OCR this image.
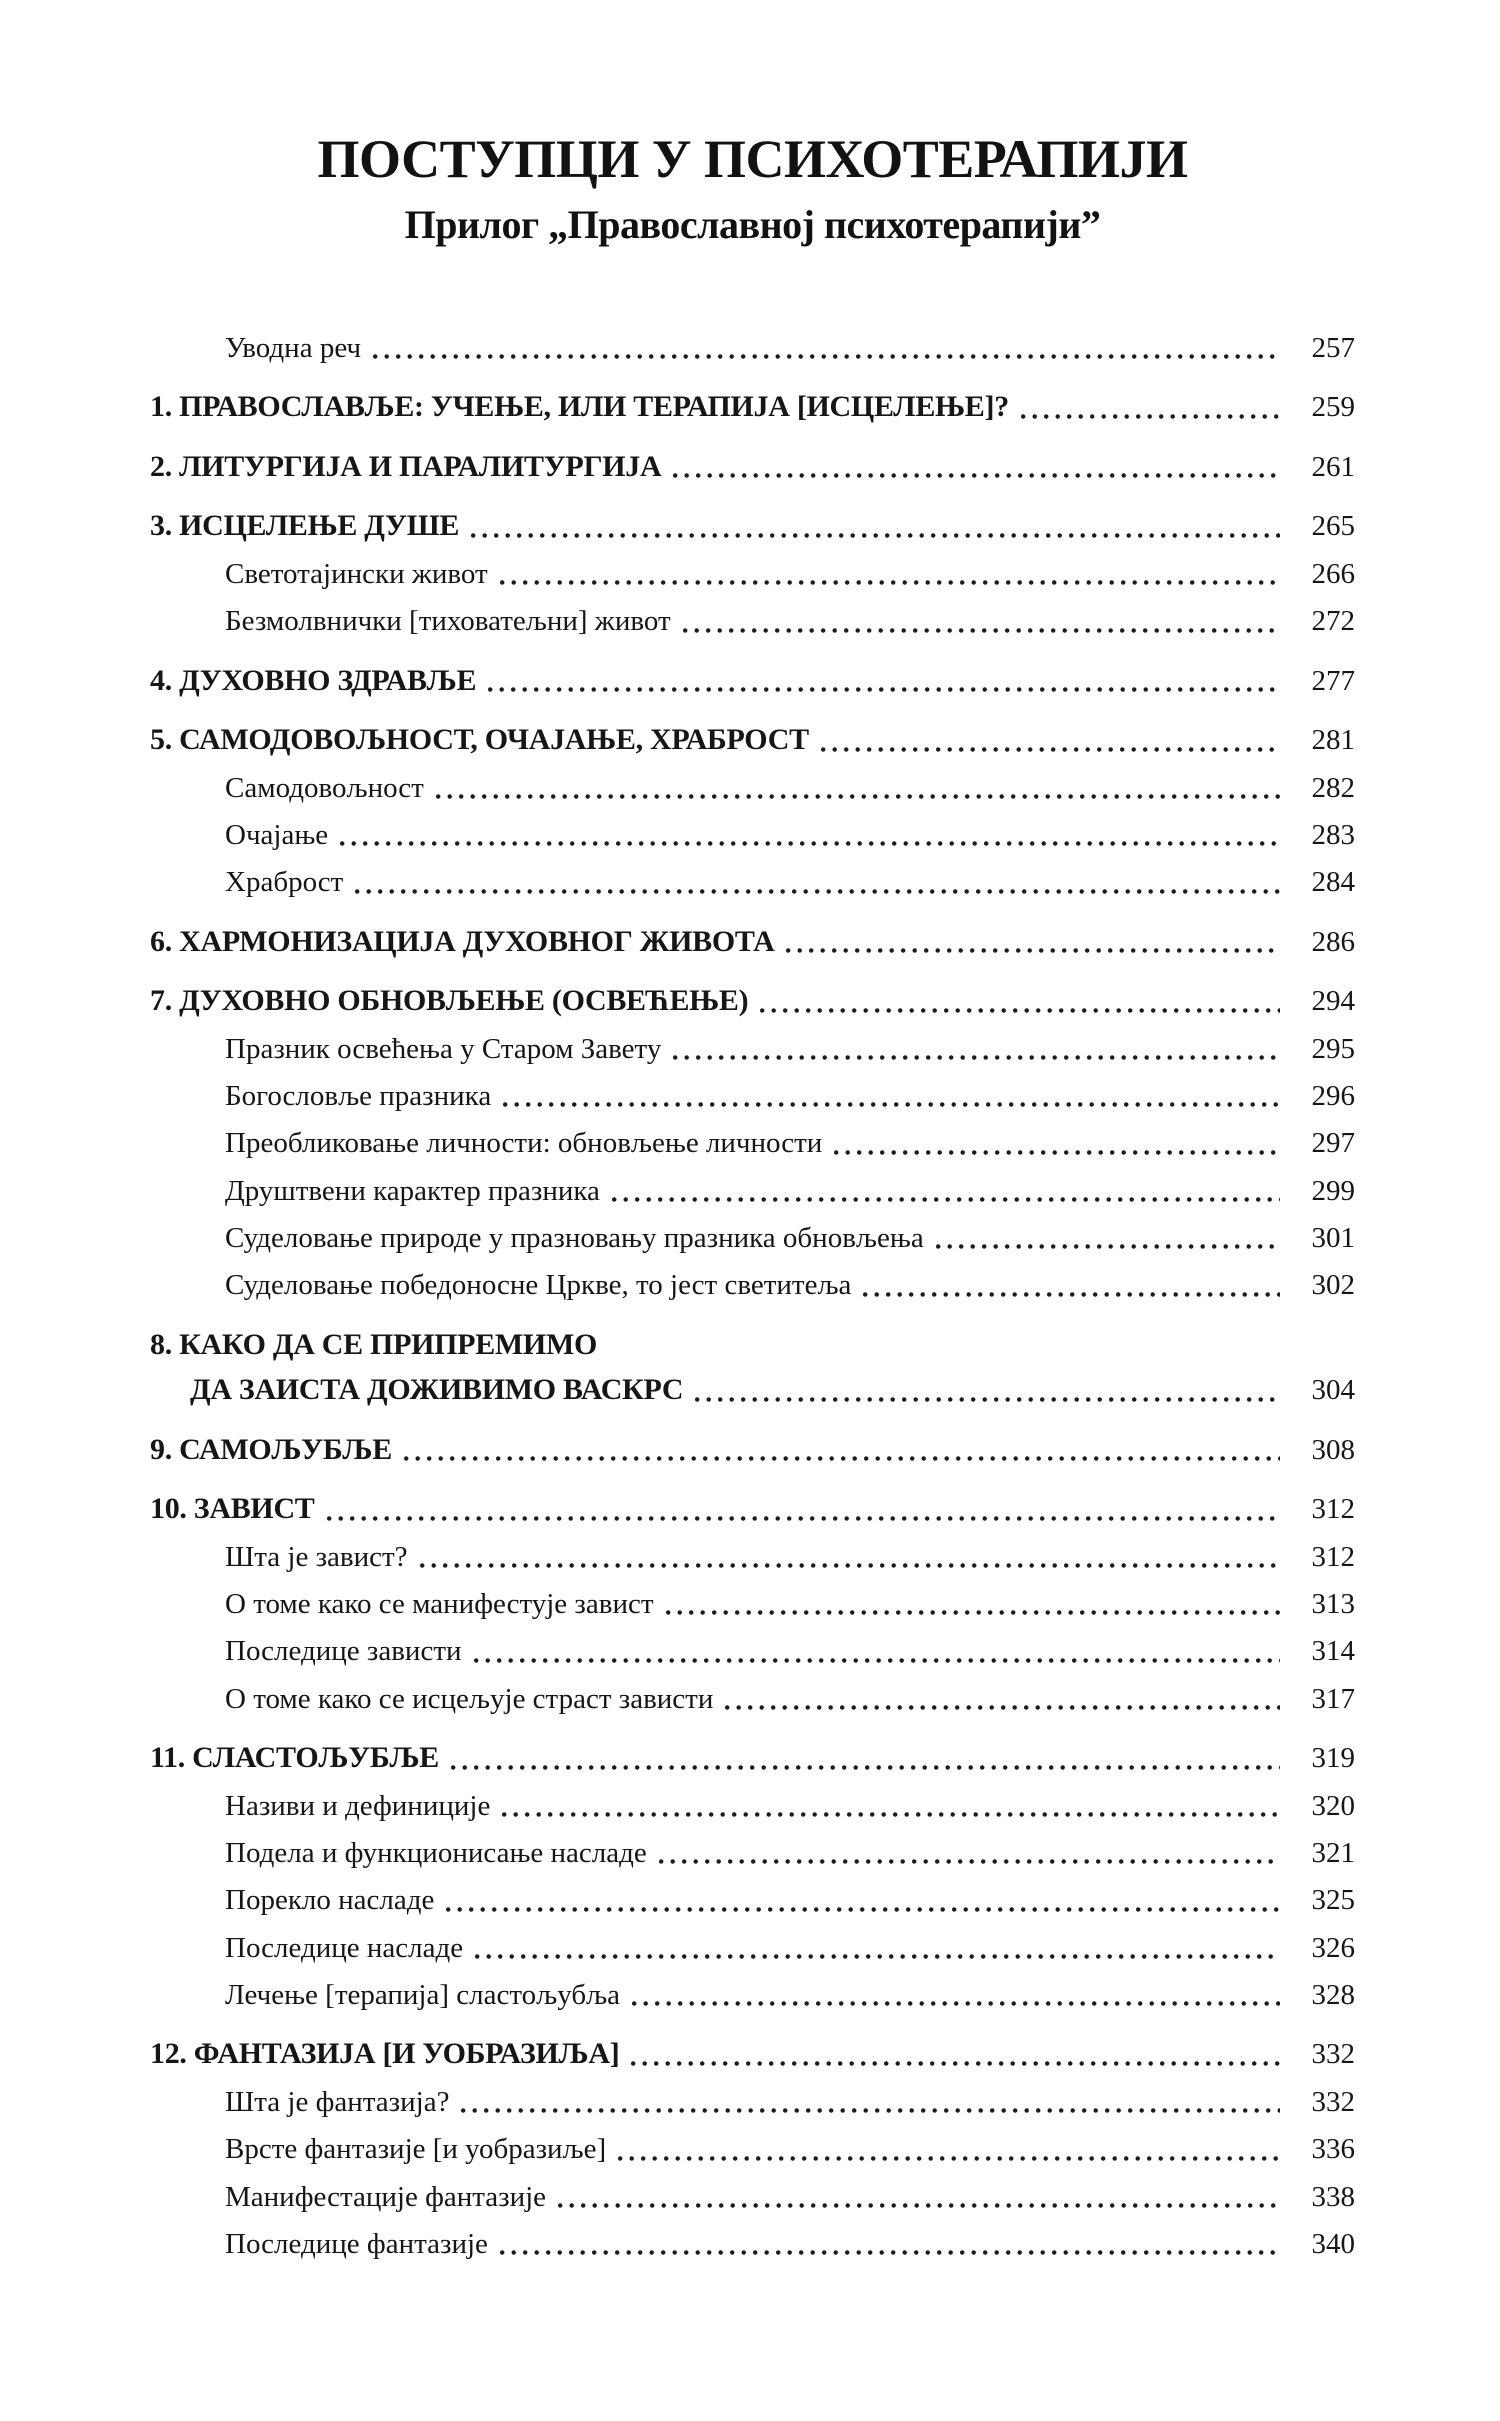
ПОСТУПЦИ У ПСИХОТЕРАПИЈИ
Прилог „Православној психотерапији”
Уводна реч	257
1. ПРАВОСЛАВЉЕ: УЧЕЊЕ, ИЛИ ТЕРАПИЈА [ИСЦЕЛЕЊЕ]?	259
2. ЛИТУРГИЈА И ПАРАЛИТУРГИЈА	261
3. ИСЦЕЛЕЊЕ ДУШЕ	265
Светотајински живот	266
Безмолвнички [тиховатељни] живот	272
4. ДУХОВНО ЗДРАВЉЕ	277
5. САМОДОВОЉНОСТ, ОЧАЈАЊЕ, ХРАБРОСТ	281
Самодовољност	282
Очајање	283
Храброст	284
6. ХАРМОНИЗАЦИЈА ДУХОВНОГ ЖИВОТА	286
7. ДУХОВНО ОБНОВЉЕЊЕ (ОСВЕЋЕЊЕ)	294
Празник освећења у Старом Завету	295
Богословље празника	296
Преобликовање личности: обновљење личности	297
Друштвени карактер празника	299
Суделовање природе у празновању празника обновљења	301
Суделовање победоносне Цркве, то јест светитеља	302
8. КАКО ДА СЕ ПРИПРЕМИМО
ДА ЗАИСТА ДОЖИВИМО ВАСКРС	304
9. САМОЉУБЉЕ	308
10. ЗАВИСТ	312
Шта је завист?	312
О томе како се манифестује завист	313
Последице зависти	314
О томе како се исцељује страст зависти	317
11. СЛАСТОЉУБЉЕ	319
Називи и дефиниције	320
Подела и функционисање насладе	321
Порекло насладе	325
Последице насладе	326
Лечење [терапија] сластољубља	328
12. ФАНТАЗИЈА [И УОБРАЗИЉА]	332
Шта је фантазија?	332
Врсте фантазије [и уобразиље]	336
Манифестације фантазије	338
Последице фантазије	340
